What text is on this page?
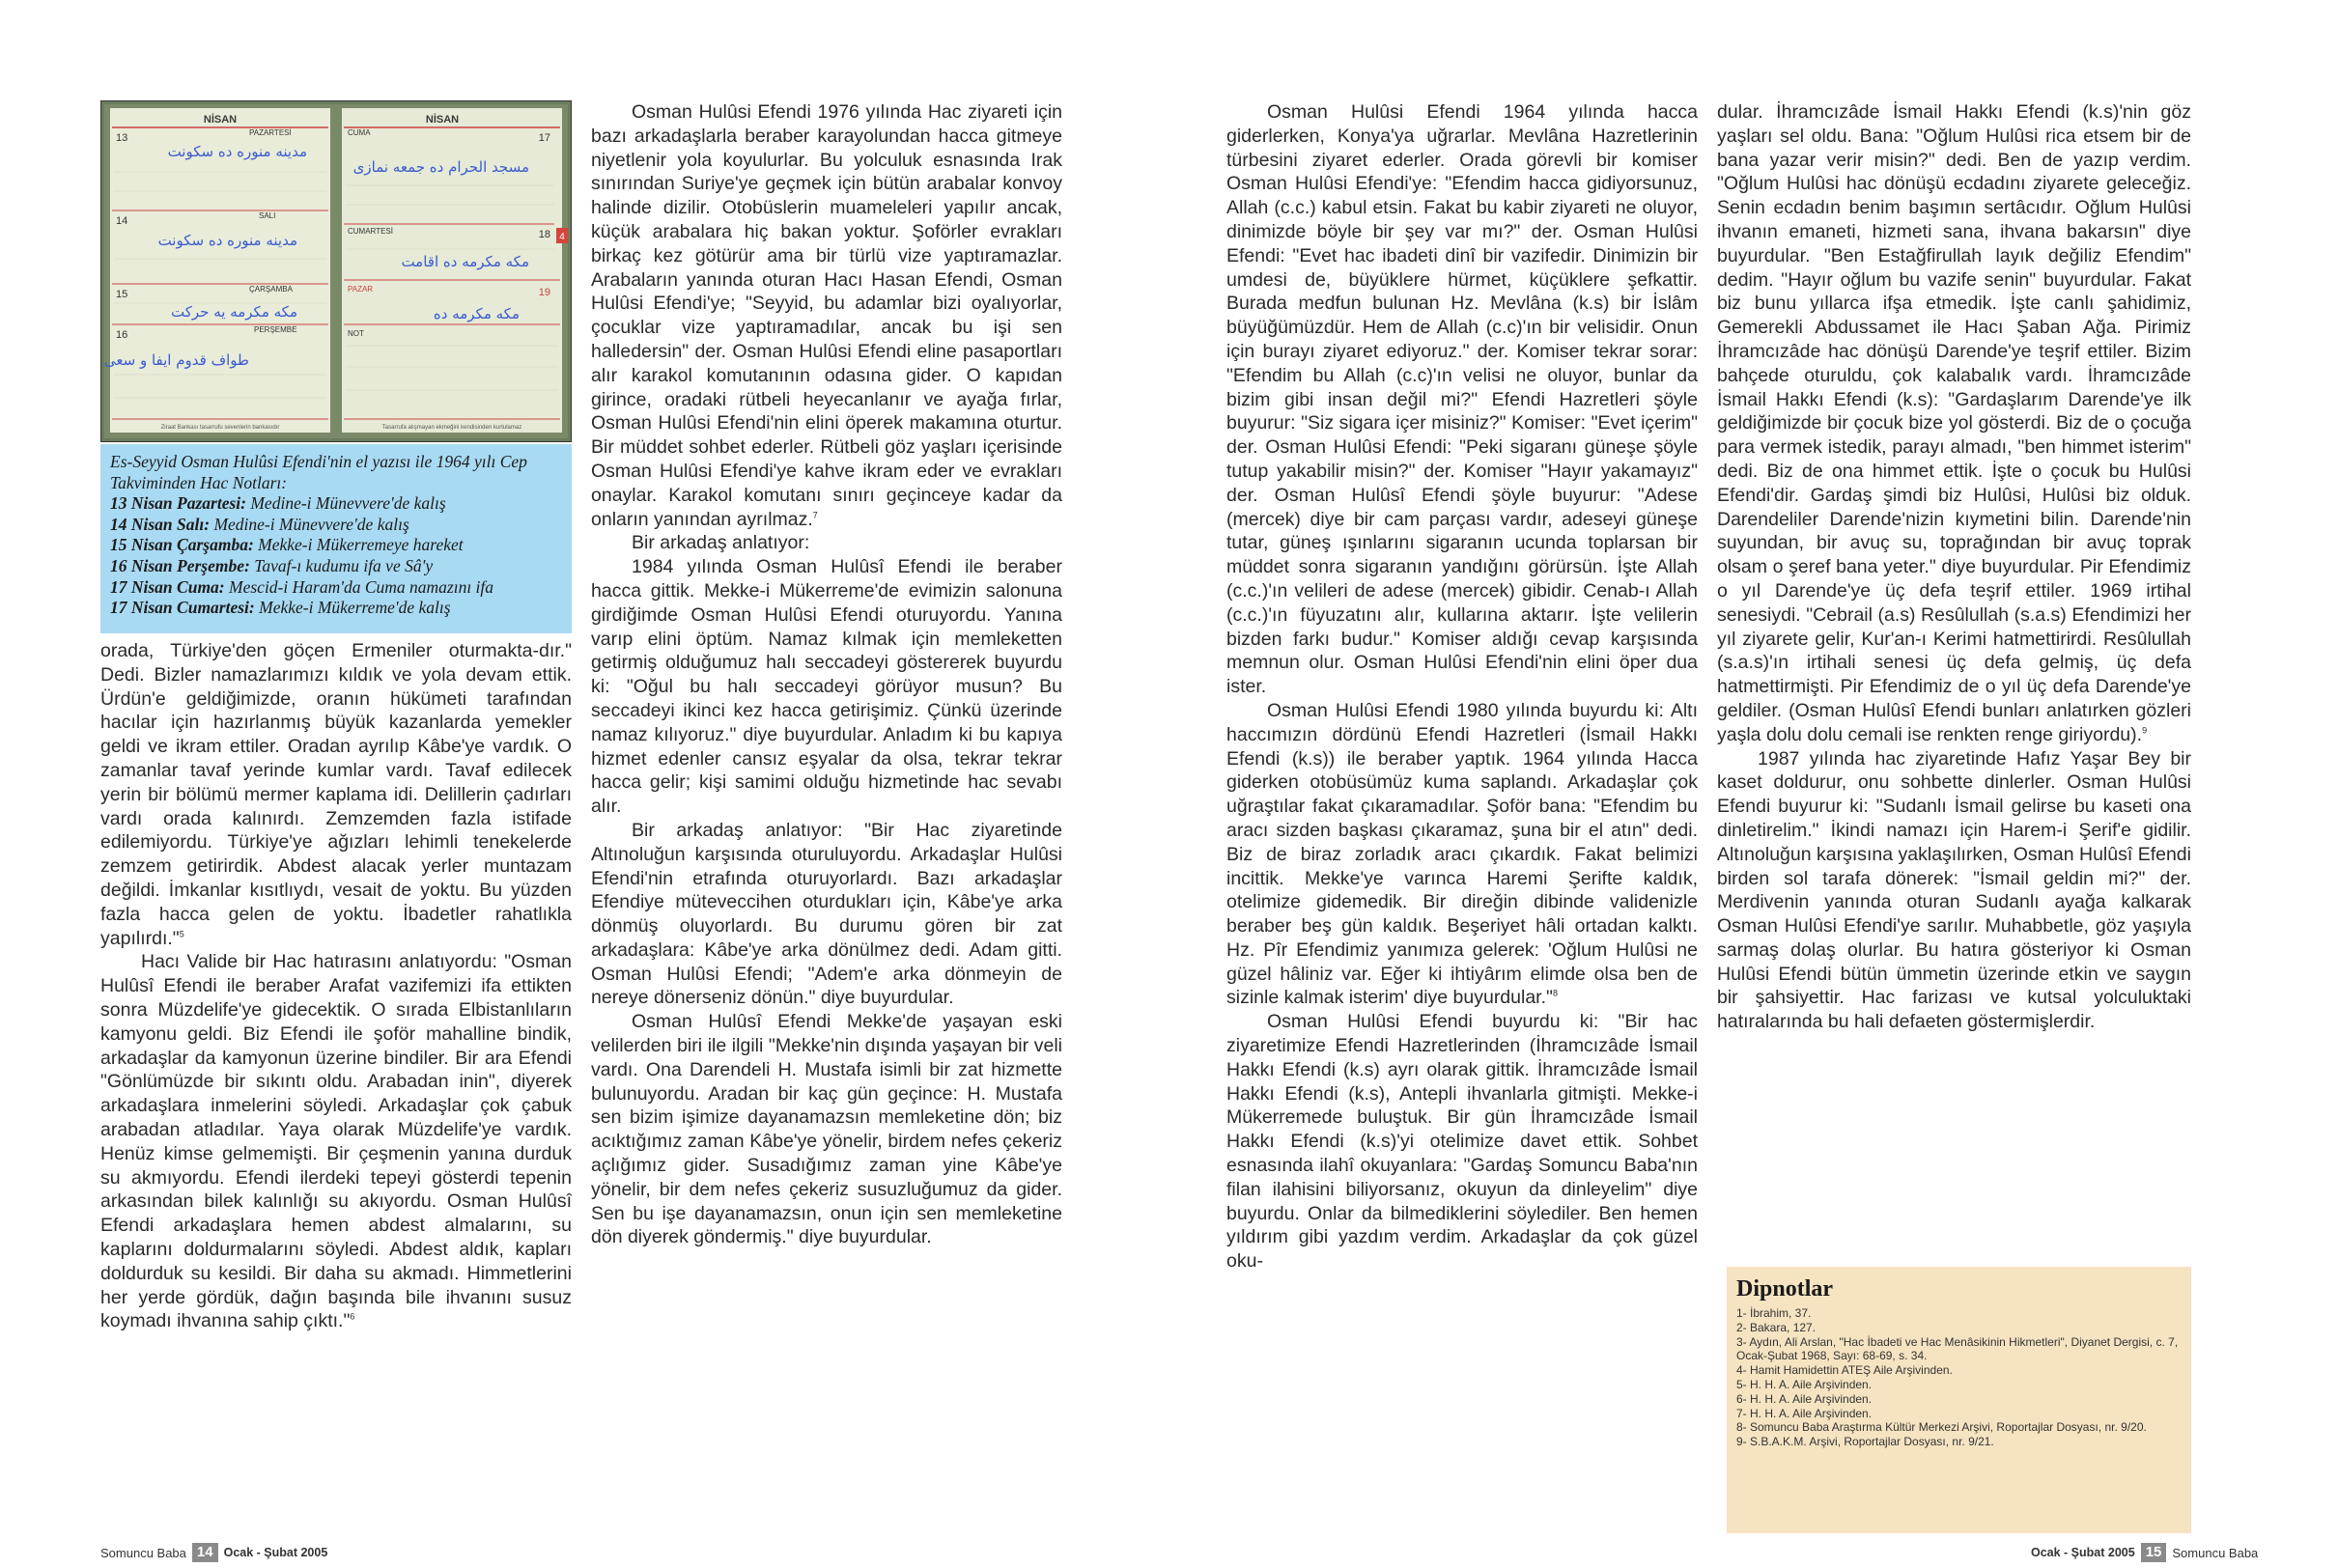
NİSAN
13	PAZARTESİ
مدینه منوره ده سکونت
14	SALI
مدینه منوره ده سکونت
15	ÇARŞAMBA
مکه مکرمه یه حرکت
16	PERŞEMBE
طواف قدوم ایفا و سعی
Ziraat Bankası tasarrufu sevenlerin bankasıdır
NİSAN
4
CUMA	17
مسجد الحرام ده جمعه نمازی
CUMARTESİ	18
مکه مکرمه ده اقامت
PAZAR	19
مکه مکرمه ده
NOT
Tasarrufa alışmayan ekmeğini kendisinden kurtulamaz
Es-Seyyid Osman Hulûsi Efendi'nin el yazısı ile 1964 yılı Cep Takviminden Hac Notları:
13 Nisan Pazartesi: Medine-i Münevvere'de kalış
14 Nisan Salı: Medine-i Münevvere'de kalış
15 Nisan Çarşamba: Mekke-i Mükerremeye hareket
16 Nisan Perşembe: Tavaf-ı kudumu ifa ve Sâ'y
17 Nisan Cuma: Mescid-i Haram'da Cuma namazını ifa
17 Nisan Cumartesi: Mekke-i Mükerreme'de kalış

orada, Türkiye'den göçen Ermeniler oturmakta-dır." Dedi. Bizler namazlarımızı kıldık ve yola devam ettik. Ürdün'e geldiğimizde, oranın hükümeti tarafından hacılar için hazırlanmış büyük kazanlarda yemekler geldi ve ikram ettiler. Oradan ayrılıp Kâbe'ye vardık. O zamanlar tavaf yerinde kumlar vardı. Tavaf edilecek yerin bir bölümü mermer kaplama idi. Delillerin çadırları vardı orada kalınırdı. Zemzemden fazla istifade edilemiyordu. Türkiye'ye ağızları lehimli tenekelerde zemzem getirirdik. Abdest alacak yerler muntazam değildi. İmkanlar kısıtlıydı, vesait de yoktu. Bu yüzden fazla hacca gelen de yoktu. İbadetler rahatlıkla yapılırdı."$^5$

Hacı Valide bir Hac hatırasını anlatıyordu: "Osman Hulûsî Efendi ile beraber Arafat vazifemizi ifa ettikten sonra Müzdelife'ye gidecektik. O sırada Elbistanlıların kamyonu geldi. Biz Efendi ile şoför mahalline bindik, arkadaşlar da kamyonun üzerine bindiler. Bir ara Efendi "Gönlümüzde bir sıkıntı oldu. Arabadan inin", diyerek arkadaşlara inmelerini söyledi. Arkadaşlar çok çabuk arabadan atladılar. Yaya olarak Müzdelife'ye vardık. Henüz kimse gelmemişti. Bir çeşmenin yanına durduk su akmıyordu. Efendi ilerdeki tepeyi gösterdi tepenin arkasından bilek kalınlığı su akıyordu. Osman Hulûsî Efendi arkadaşlara hemen abdest almalarını, su kaplarını doldurmalarını söyledi. Abdest aldık, kapları doldurduk su kesildi. Bir daha su akmadı. Himmetlerini her yerde gördük, dağın başında bile ihvanını susuz koymadı ihvanına sahip çıktı."$^6$

Osman Hulûsi Efendi 1976 yılında Hac ziyareti için bazı arkadaşlarla beraber karayolundan hacca gitmeye niyetlenir yola koyulurlar. Bu yolculuk esnasında Irak sınırından Suriye'ye geçmek için bütün arabalar konvoy halinde dizilir. Otobüslerin muameleleri yapılır ancak, küçük arabalara hiç bakan yoktur. Şoförler evrakları birkaç kez götürür ama bir türlü vize yaptıramazlar. Arabaların yanında oturan Hacı Hasan Efendi, Osman Hulûsi Efendi'ye; "Seyyid, bu adamlar bizi oyalıyorlar, çocuklar vize yaptıramadılar, ancak bu işi sen halledersin" der. Osman Hulûsi Efendi eline pasaportları alır karakol komutanının odasına gider. O kapıdan girince, oradaki rütbeli heyecanlanır ve ayağa fırlar, Osman Hulûsi Efendi'nin elini öperek makamına oturtur. Bir müddet sohbet ederler. Rütbeli göz yaşları içerisinde Osman Hulûsi Efendi'ye kahve ikram eder ve evrakları onaylar. Karakol komutanı sınırı geçinceye kadar da onların yanından ayrılmaz.$^7$

Bir arkadaş anlatıyor:

1984 yılında Osman Hulûsî Efendi ile beraber hacca gittik. Mekke-i Mükerreme'de evimizin salonuna girdiğimde Osman Hulûsi Efendi oturuyordu. Yanına varıp elini öptüm. Namaz kılmak için memleketten getirmiş olduğumuz halı seccadeyi göstererek buyurdu ki: "Oğul bu halı seccadeyi görüyor musun? Bu seccadeyi ikinci kez hacca getirişimiz. Çünkü üzerinde namaz kılıyoruz." diye buyurdular. Anladım ki bu kapıya hizmet edenler cansız eşyalar da olsa, tekrar tekrar hacca gelir; kişi samimi olduğu hizmetinde hac sevabı alır.

Bir arkadaş anlatıyor: "Bir Hac ziyaretinde Altınoluğun karşısında oturuluyordu. Arkadaşlar Hulûsi Efendi'nin etrafında oturuyorlardı. Bazı arkadaşlar Efendiye müteveccihen oturdukları için, Kâbe'ye arka dönmüş oluyorlardı. Bu durumu gören bir zat arkadaşlara: Kâbe'ye arka dönülmez dedi. Adam gitti. Osman Hulûsi Efendi; "Adem'e arka dönmeyin de nereye dönerseniz dönün." diye buyurdular.

Osman Hulûsî Efendi Mekke'de yaşayan eski velilerden biri ile ilgili "Mekke'nin dışında yaşayan bir veli vardı. Ona Darendeli H. Mustafa isimli bir zat hizmette bulunuyordu. Aradan bir kaç gün geçince: H. Mustafa sen bizim işimize dayanamazsın memleketine dön; biz acıktığımız zaman Kâbe'ye yönelir, birdem nefes çekeriz açlığımız gider. Susadığımız zaman yine Kâbe'ye yönelir, bir dem nefes çekeriz susuzluğumuz da gider. Sen bu işe dayanamazsın, onun için sen memleketine dön diyerek göndermiş." diye buyurdular.

Osman Hulûsi Efendi 1964 yılında hacca giderlerken, Konya'ya uğrarlar. Mevlâna Hazretlerinin türbesini ziyaret ederler. Orada görevli bir komiser Osman Hulûsi Efendi'ye: "Efendim hacca gidiyorsunuz, Allah (c.c.) kabul etsin. Fakat bu kabir ziyareti ne oluyor, dinimizde böyle bir şey var mı?" der. Osman Hulûsi Efendi: "Evet hac ibadeti dinî bir vazifedir. Dinimizin bir umdesi de, büyüklere hürmet, küçüklere şefkattir. Burada medfun bulunan Hz. Mevlâna (k.s) bir İslâm büyüğümüzdür. Hem de Allah (c.c)'ın bir velisidir. Onun için burayı ziyaret ediyoruz." der. Komiser tekrar sorar: "Efendim bu Allah (c.c)'ın velisi ne oluyor, bunlar da bizim gibi insan değil mi?" Efendi Hazretleri şöyle buyurur: "Siz sigara içer misiniz?" Komiser: "Evet içerim" der. Osman Hulûsi Efendi: "Peki sigaranı güneşe şöyle tutup yakabilir misin?" der. Komiser "Hayır yakamayız" der. Osman Hulûsî Efendi şöyle buyurur: "Adese (mercek) diye bir cam parçası vardır, adeseyi güneşe tutar, güneş ışınlarını sigaranın ucunda toplarsan bir müddet sonra sigaranın yandığını görürsün. İşte Allah (c.c.)'ın velileri de adese (mercek) gibidir. Cenab-ı Allah (c.c.)'ın füyuzatını alır, kullarına aktarır. İşte velilerin bizden farkı budur." Komiser aldığı cevap karşısında memnun olur. Osman Hulûsi Efendi'nin elini öper dua ister.

Osman Hulûsi Efendi 1980 yılında buyurdu ki: Altı haccımızın dördünü Efendi Hazretleri (İsmail Hakkı Efendi (k.s)) ile beraber yaptık. 1964 yılında Hacca giderken otobüsümüz kuma saplandı. Arkadaşlar çok uğraştılar fakat çıkaramadılar. Şoför bana: "Efendim bu aracı sizden başkası çıkaramaz, şuna bir el atın" dedi. Biz de biraz zorladık aracı çıkardık. Fakat belimizi incittik. Mekke'ye varınca Haremi Şerifte kaldık, otelimize gidemedik. Bir direğin dibinde validenizle beraber beş gün kaldık. Beşeriyet hâli ortadan kalktı. Hz. Pîr Efendimiz yanımıza gelerek: 'Oğlum Hulûsi ne güzel hâliniz var. Eğer ki ihtiyârım elimde olsa ben de sizinle kalmak isterim' diye buyurdular."$^8$

Osman Hulûsi Efendi buyurdu ki: "Bir hac ziyaretimize Efendi Hazretlerinden (İhramcızâde İsmail Hakkı Efendi (k.s) ayrı olarak gittik. İhramcızâde İsmail Hakkı Efendi (k.s), Antepli ihvanlarla gitmişti. Mekke-i Mükerremede buluştuk. Bir gün İhramcızâde İsmail Hakkı Efendi (k.s)'yi otelimize davet ettik. Sohbet esnasında ilahî okuyanlara: "Gardaş Somuncu Baba'nın filan ilahisini biliyorsanız, okuyun da dinleyelim" diye buyurdu. Onlar da bilmediklerini söylediler. Ben hemen yıldırım gibi yazdım verdim. Arkadaşlar da çok güzel oku-

dular. İhramcızâde İsmail Hakkı Efendi (k.s)'nin göz yaşları sel oldu. Bana: "Oğlum Hulûsi rica etsem bir de bana yazar verir misin?" dedi. Ben de yazıp verdim. "Oğlum Hulûsi hac dönüşü ecdadını ziyarete geleceğiz. Senin ecdadın benim başımın sertâcıdır. Oğlum Hulûsi ihvanın emaneti, hizmeti sana, ihvana bakarsın" diye buyurdular. "Ben Estağfirullah layık değiliz Efendim" dedim. "Hayır oğlum bu vazife senin" buyurdular. Fakat biz bunu yıllarca ifşa etmedik. İşte canlı şahidimiz, Gemerekli Abdussamet ile Hacı Şaban Ağa. Pirimiz İhramcızâde hac dönüşü Darende'ye teşrif ettiler. Bizim bahçede oturuldu, çok kalabalık vardı. İhramcızâde İsmail Hakkı Efendi (k.s): "Gardaşlarım Darende'ye ilk geldiğimizde bir çocuk bize yol gösterdi. Biz de o çocuğa para vermek istedik, parayı almadı, "ben himmet isterim" dedi. Biz de ona himmet ettik. İşte o çocuk bu Hulûsi Efendi'dir. Gardaş şimdi biz Hulûsi, Hulûsi biz olduk. Darendeliler Darende'nizin kıymetini bilin. Darende'nin suyundan, bir avuç su, toprağından bir avuç toprak olsam o şeref bana yeter." diye buyurdular. Pir Efendimiz o yıl Darende'ye üç defa teşrif ettiler. 1969 irtihal senesiydi. "Cebrail (a.s) Resûlullah (s.a.s) Efendimizi her yıl ziyarete gelir, Kur'an-ı Kerimi hatmettirirdi. Resûlullah (s.a.s)'ın irtihali senesi üç defa gelmiş, üç defa hatmettirmişti. Pir Efendimiz de o yıl üç defa Darende'ye geldiler. (Osman Hulûsî Efendi bunları anlatırken gözleri yaşla dolu dolu cemali ise renkten renge giriyordu).$^9$

1987 yılında hac ziyaretinde Hafız Yaşar Bey bir kaset doldurur, onu sohbette dinlerler. Osman Hulûsi Efendi buyurur ki: "Sudanlı İsmail gelirse bu kaseti ona dinletirelim." İkindi namazı için Harem-i Şerif'e gidilir. Altınoluğun karşısına yaklaşılırken, Osman Hulûsî Efendi birden sol tarafa dönerek: "İsmail geldin mi?" der. Merdivenin yanında oturan Sudanlı ayağa kalkarak Osman Hulûsi Efendi'ye sarılır. Muhabbetle, göz yaşıyla sarmaş dolaş olurlar. Bu hatıra gösteriyor ki Osman Hulûsi Efendi bütün ümmetin üzerinde etkin ve saygın bir şahsiyettir. Hac farizası ve kutsal yolculuktaki hatıralarında bu hali defaeten göstermişlerdir.

Dipnotlar
1- İbrahim, 37.
2- Bakara, 127.
3- Aydın, Ali Arslan, "Hac İbadeti ve Hac Menâsikinin Hikmetleri", Diyanet Dergisi, c. 7, Ocak-Şubat 1968, Sayı: 68-69, s. 34.
4- Hamit Hamidettin ATEŞ Aile Arşivinden.
5- H. H. A. Aile Arşivinden.
6- H. H. A. Aile Arşivinden.
7- H. H. A. Aile Arşivinden.
8- Somuncu Baba Araştırma Kültür Merkezi Arşivi, Roportajlar Dosyası, nr. 9/20.
9- S.B.A.K.M. Arşivi, Roportajlar Dosyası, nr. 9/21.
Somuncu Baba 14 Ocak - Şubat 2005	Ocak - Şubat 2005 15 Somuncu Baba
